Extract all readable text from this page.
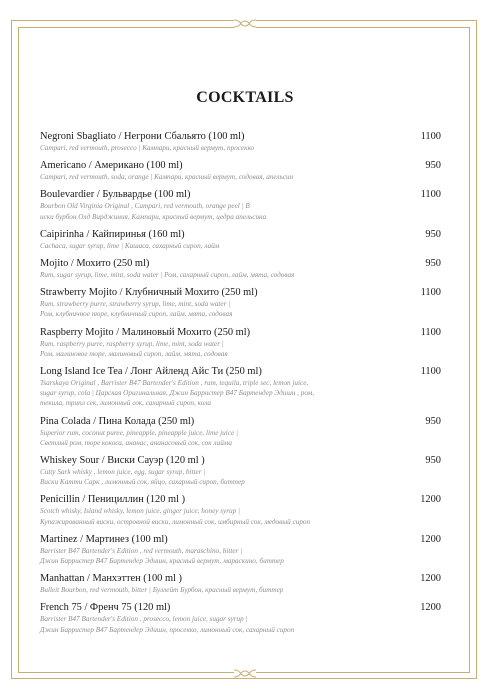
COCKTAILS
Negroni Sbagliato / Негрони Сбальято (100 ml)	1100
Campari, red vermouth, prosecco | Кампари, красный вермут, просекко
Americano / Американо (100 ml)	950
Campari, red vermouth, soda, orange | Кампари, красный вермут, содовая, апельсин
Boulevardier / Бульвардье (100 ml)	1100
Bourbon Old Virginia Original , Campari, red vermouth, orange peel | B
иски бурбон Олд Вирджиния, Кампари, красный вермут, цедра апельсина
Caipirinha / Кайпиринья (160 ml)	950
Cachaca, sugar syrup, lime | Кашаса, сахарный сироп, лайм
Mojito / Мохито (250 ml)	950
Rum, sugar syrup, lime, mint, soda water | Ром, сахарный сироп, лайм, мята, содовая
Strawberry Mojito / Клубничный Мохито (250 ml)	1100
Rum, strawberry purre, strawberry syrup, lime, mint, soda water |
Ром, клубничное пюре, клубничный сироп, лайм, мята, содовая
Raspberry Mojito / Малиновый Мохито (250 ml)	1100
Rum, raspberry purre, raspberry syrup, lime, mint, soda water |
Ром, малиновое пюре, малиновый сироп, лайм, мята, содовая
Long Island Ice Tea / Лонг Айленд Айс Ти (250 ml)	1100
Tsarskaya Original , Barrister B47 Bartender's Edition , rum, tequila, triple sec, lemon juice,
sugar syrup, cola | Царская Оригинальная, Джин Барристер B47 Бартендер Эдишн , ром,
текила, трипл сек, лимонный сок, сахарный сироп, кола
Pina Colada / Пина Колада (250 ml)	950
Superior rum, coconut puree, pineapple, pineapple juice, lime juice |
Светлый ром, пюре кокоса, ананас, ананасовый сок, сок лайма
Whiskey Sour / Виски Сауэр (120 ml )	950
Cutty Sark whisky , lemon juice, egg, sugar syrup, bitter |
Виски Катти Сарк , лимонный сок, яйцо, сахарный сироп, биттер
Penicillin / Пенициллин (120 ml )	1200
Scotch whisky, Island whisky, lemon juice, ginger juice, honey syrup |
Купажированный виски, островной виски, лимонный сок, имбирный сок, медовый сироп
Martinez / Мартинез (100 ml)	1200
Barrister B47 Bartender's Edition , red vermouth, maraschino, bitter |
Джин Барристер B47 Бартендер Эдишн, красный вермут, мараскино, биттер
Manhattan / Манхэттен (100 ml )	1200
Bulleit Bourbon, red vermouth, bitter | Буллейт Бурбон, красный вермут, биттер
French 75 / Френч 75 (120 ml)	1200
Barrister B47 Bartender's Edition , prosecco, lemon juice, sugar syrup |
Джин Барристер B47 Бартендер Эдишн, просекко, лимонный сок, сахарный сироп
